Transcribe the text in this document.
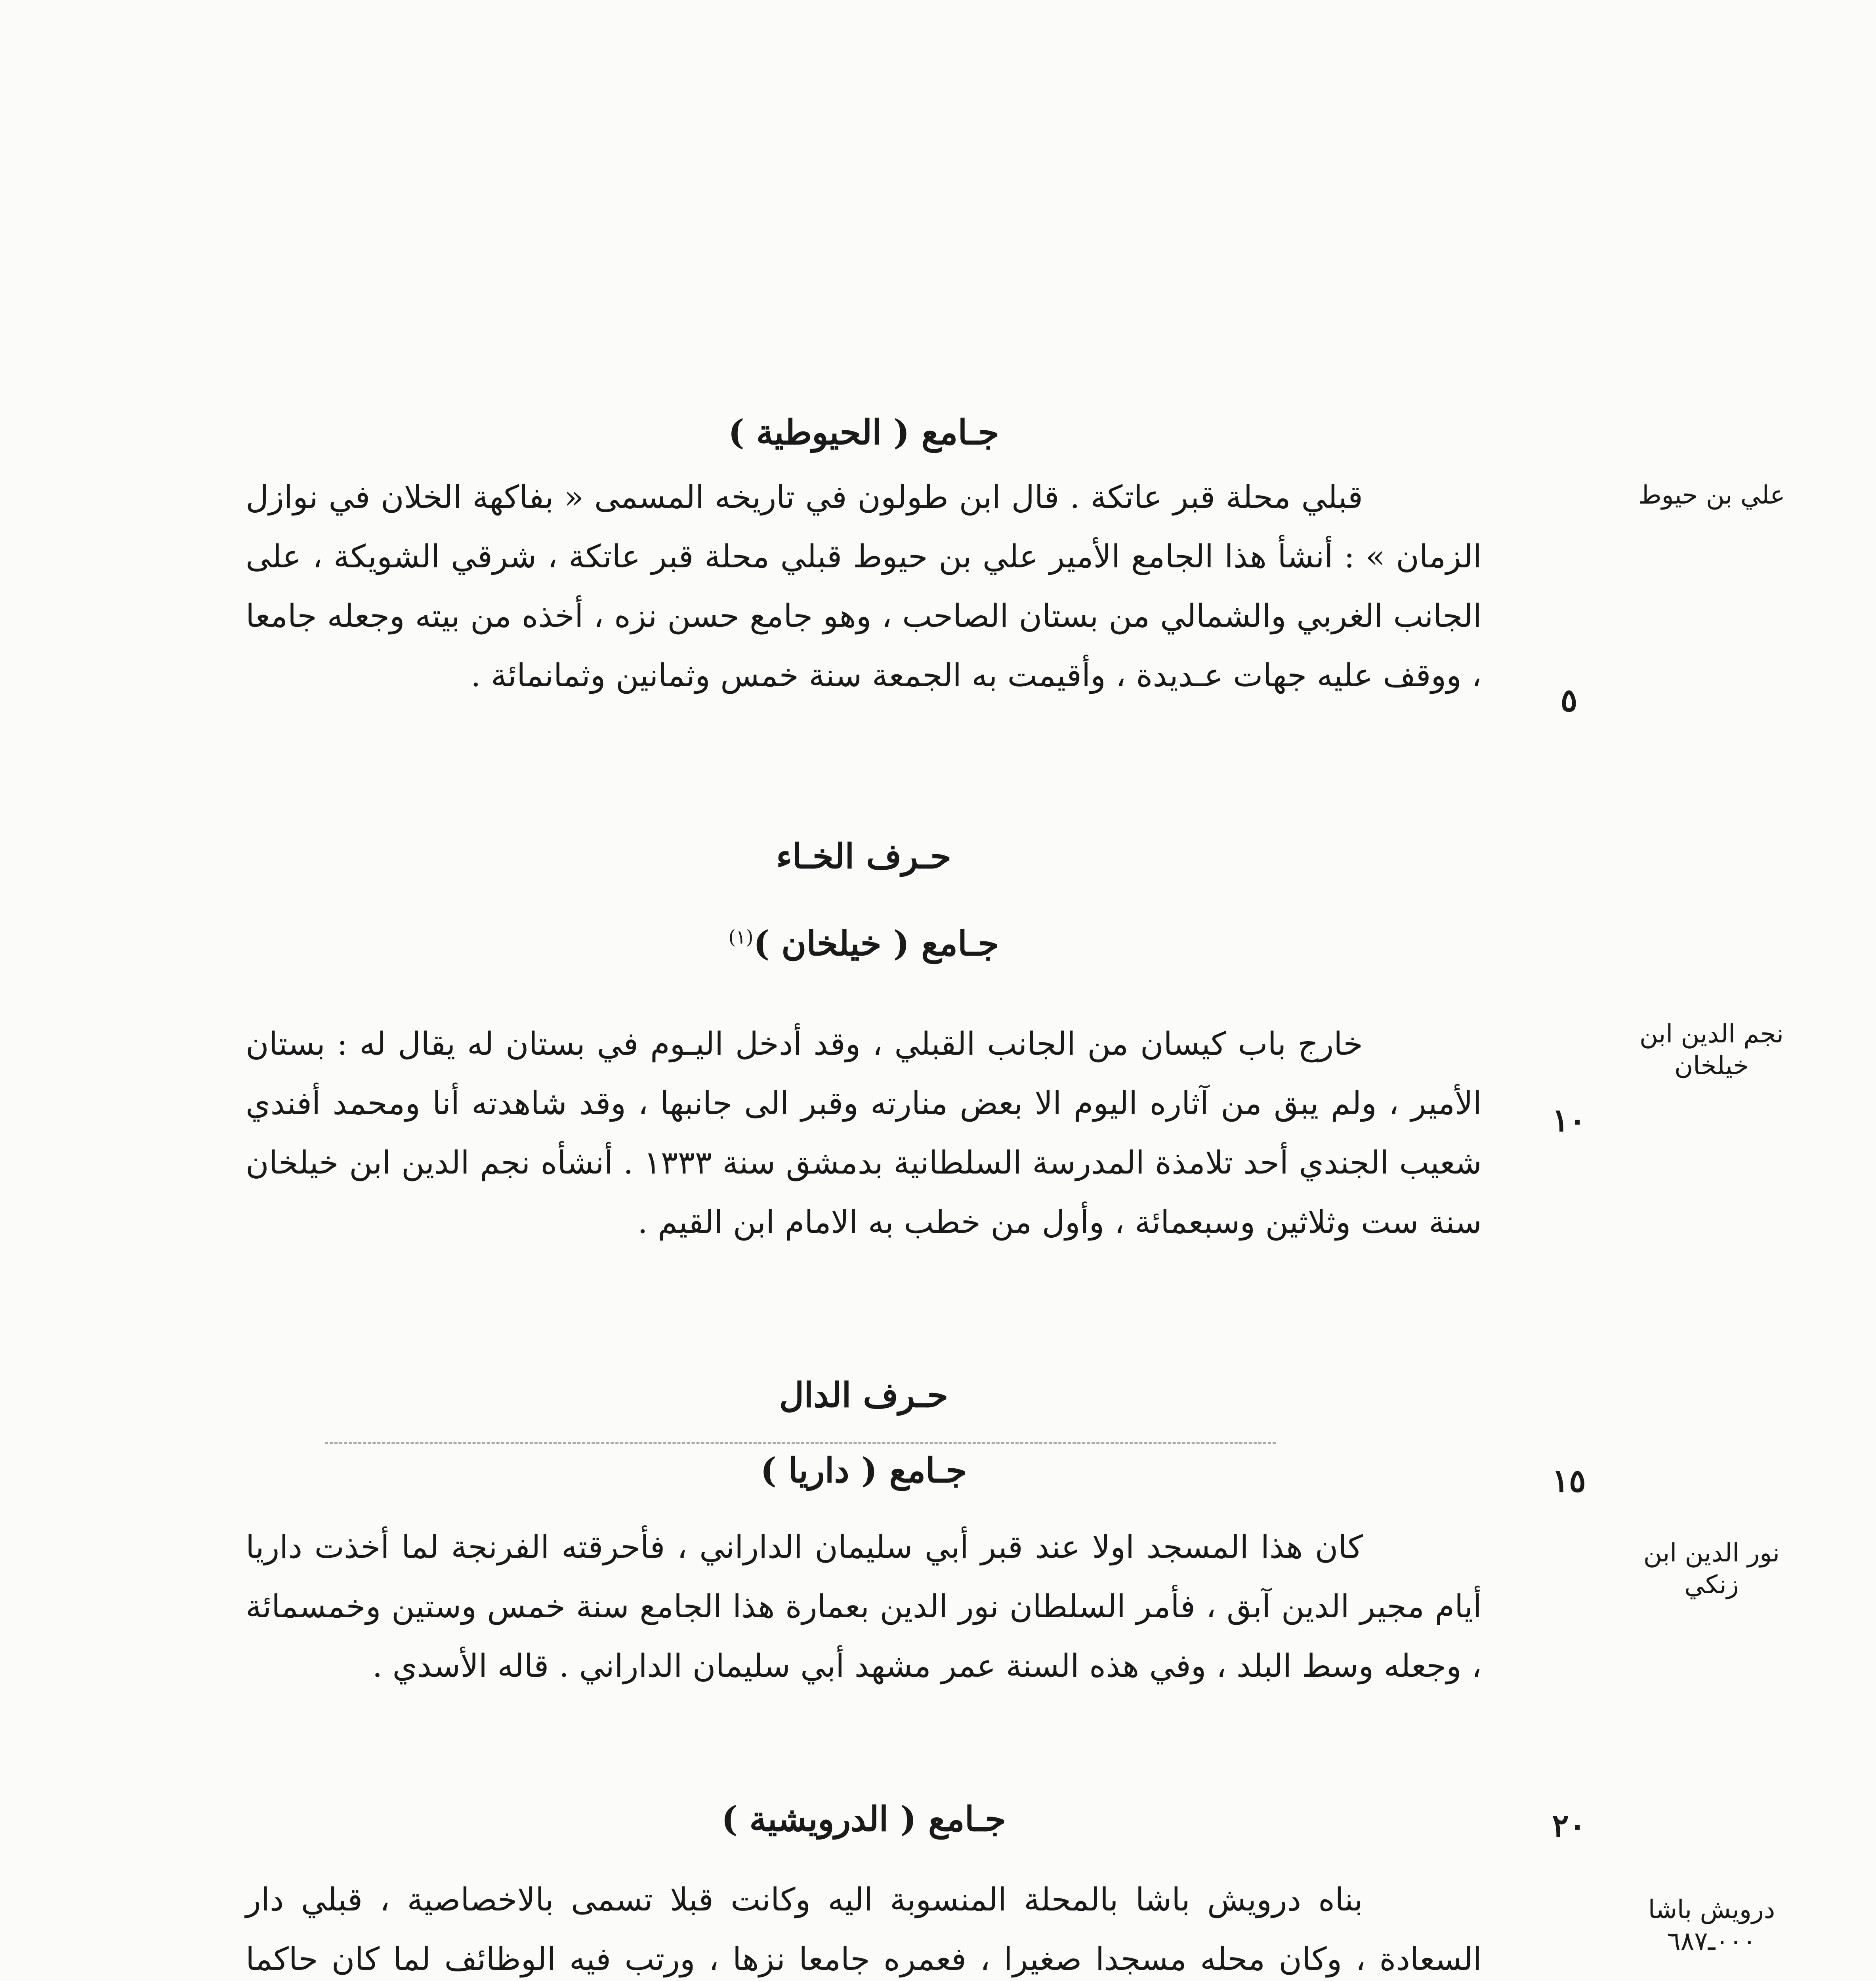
جـامع ( الحيوطية )
علي بن حيوط

قبلي محلة قبر عاتكة . قال ابن طولون في تاريخه المسمى « بفاكهة الخلان في نوازل الزمان » : أنشأ هذا الجامع الأمير علي بن حيوط قبلي محلة قبر عاتكة ، شرقي الشويكة ، على الجانب الغربي والشمالي من بستان الصاحب ، وهو جامع حسن نزه ، أخذه من بيته وجعله جامعا ، ووقف عليه جهات عـديدة ، وأقيمت به الجمعة سنة خمس وثمانين وثمانمائة .

٥
حـرف الخـاء
جـامع ( خيلخان )$^{(١)}$
نجم الدين ابن خيلخان

خارج باب كيسان من الجانب القبلي ، وقد أدخل اليـوم في بستان له يقال له : بستان الأمير ، ولم يبق من آثاره اليوم الا بعض منارته وقبر الى جانبها ، وقد شاهدته أنا ومحمد أفندي شعيب الجندي أحد تلامذة المدرسة السلطانية بدمشق سنة ١٣٣٣ . أنشأه نجم الدين ابن خيلخان سنة ست وثلاثين وسبعمائة ، وأول من خطب به الامام ابن القيم .

١٠
حـرف الدال
جـامع ( داريا )	١٥
نور الدين ابن زنكي

كان هذا المسجد اولا عند قبر أبي سليمان الداراني ، فأحرقته الفرنجة لما أخذت داريا أيام مجير الدين آبق ، فأمر السلطان نور الدين بعمارة هذا الجامع سنة خمس وستين وخمسمائة ، وجعله وسط البلد ، وفي هذه السنة عمر مشهد أبي سليمان الداراني . قاله الأسدي .

جـامع ( الدرويشية )	٢٠
درويش باشا ٠٠٠ـ٦٨٧

بناه درويش باشا بالمحلة المنسوبة اليه وكانت قبلا تسمى بالاخصاصية ، قبلي دار السعادة ، وكان محله مسجدا صغيرا ، فعمره جامعا نزها ، ورتب فيه الوظائف لما كان حاكما
